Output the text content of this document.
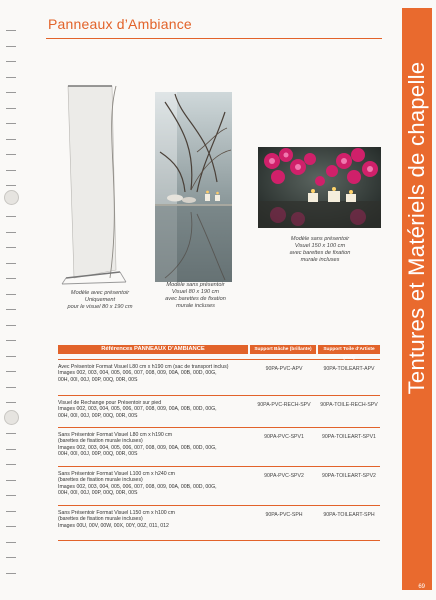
Panneaux d’Ambiance
Tentures et Matériels de chapelle
69
Modèle avec présentoir
Uniquement
pour le visuel 80 x 190 cm
Modèle sans présentoir
Visuel 80 x 190 cm
avec barettes de fixation
murale incluses
Modèle sans présentoir
Visuel 150 x 100 cm
avec barettes de fixation
murale incluses
Références PANNEAUX D’AMBIANCE	Support Bâche (brillante)	Support Toile d’Artiste (mat)
Avec Présentoir Format Visuel L80 cm x h190 cm (sac de transport inclus)
Images 002, 003, 004, 005, 006, 007, 008, 009, 00A, 00B, 00D, 00G,
00H, 00I, 00J, 00P, 00Q, 00R, 00S
90PA-PVC-APV	90PA-TOILEART-APV
Visuel de Rechange pour Présentoir sur pied
Images 002, 003, 004, 005, 006, 007, 008, 009, 00A, 00B, 00D, 00G,
00H, 00I, 00J, 00P, 00Q, 00R, 00S
90PA-PVC-RECH-SPV	90PA-TOILE-RECH-SPV
Sans Présentoir Format Visuel L80 cm x h190 cm
(barettes de fixation murale incluses)
Images 002, 003, 004, 005, 006, 007, 008, 009, 00A, 00B, 00D, 00G,
00H, 00I, 00J, 00P, 00Q, 00R, 00S
90PA-PVC-SPV1	90PA-TOILEART-SPV1
Sans Présentoir Format Visuel L100 cm x h240 cm
(barettes de fixation murale incluses)
Images 002, 003, 004, 005, 006, 007, 008, 009, 00A, 00B, 00D, 00G,
00H, 00I, 00J, 00P, 00Q, 00R, 00S
90PA-PVC-SPV2	90PA-TOILEART-SPV2
Sans Présentoir Format Visuel L150 cm x h100 cm
(barettes de fixation murale incluses)
Images 00U, 00V, 00W, 00X, 00Y, 00Z, 011, 012
90PA-PVC-SPH	90PA-TOILEART-SPH
